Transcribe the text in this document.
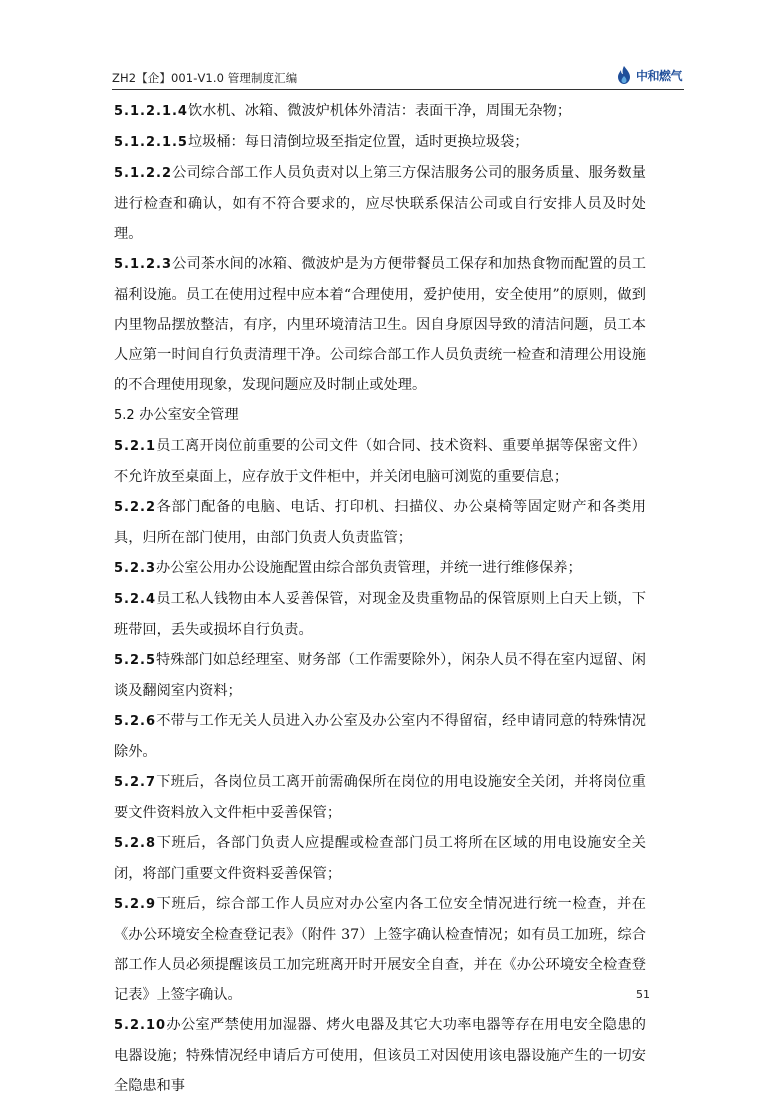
ZH2【企】001-V1.0 管理制度汇编	中和燃气

5.1.2.1.4饮水机、冰箱、微波炉机体外清洁：表面干净，周围无杂物；

5.1.2.1.5垃圾桶：每日清倒垃圾至指定位置，适时更换垃圾袋；

5.1.2.2公司综合部工作人员负责对以上第三方保洁服务公司的服务质量、服务数量进行检查和确认，如有不符合要求的，应尽快联系保洁公司或自行安排人员及时处理。

5.1.2.3公司茶水间的冰箱、微波炉是为方便带餐员工保存和加热食物而配置的员工福利设施。员工在使用过程中应本着“合理使用，爱护使用，安全使用”的原则，做到内里物品摆放整洁，有序，内里环境清洁卫生。因自身原因导致的清洁问题，员工本人应第一时间自行负责清理干净。公司综合部工作人员负责统一检查和清理公用设施的不合理使用现象，发现问题应及时制止或处理。

5.2 办公室安全管理

5.2.1员工离开岗位前重要的公司文件（如合同、技术资料、重要单据等保密文件）不允许放至桌面上，应存放于文件柜中，并关闭电脑可浏览的重要信息；

5.2.2各部门配备的电脑、电话、打印机、扫描仪、办公桌椅等固定财产和各类用具，归所在部门使用，由部门负责人负责监管；

5.2.3办公室公用办公设施配置由综合部负责管理，并统一进行维修保养；

5.2.4员工私人钱物由本人妥善保管，对现金及贵重物品的保管原则上白天上锁，下班带回，丢失或损坏自行负责。

5.2.5特殊部门如总经理室、财务部（工作需要除外），闲杂人员不得在室内逗留、闲谈及翻阅室内资料；

5.2.6不带与工作无关人员进入办公室及办公室内不得留宿，经申请同意的特殊情况除外。

5.2.7下班后，各岗位员工离开前需确保所在岗位的用电设施安全关闭，并将岗位重要文件资料放入文件柜中妥善保管；

5.2.8下班后，各部门负责人应提醒或检查部门员工将所在区域的用电设施安全关闭，将部门重要文件资料妥善保管；

5.2.9下班后，综合部工作人员应对办公室内各工位安全情况进行统一检查，并在《办公环境安全检查登记表》（附件 37）上签字确认检查情况；如有员工加班，综合部工作人员必须提醒该员工加完班离开时开展安全自查，并在《办公环境安全检查登记表》上签字确认。

5.2.10办公室严禁使用加湿器、烤火电器及其它大功率电器等存在用电安全隐患的电器设施；特殊情况经申请后方可使用，但该员工对因使用该电器设施产生的一切安全隐患和事

51
